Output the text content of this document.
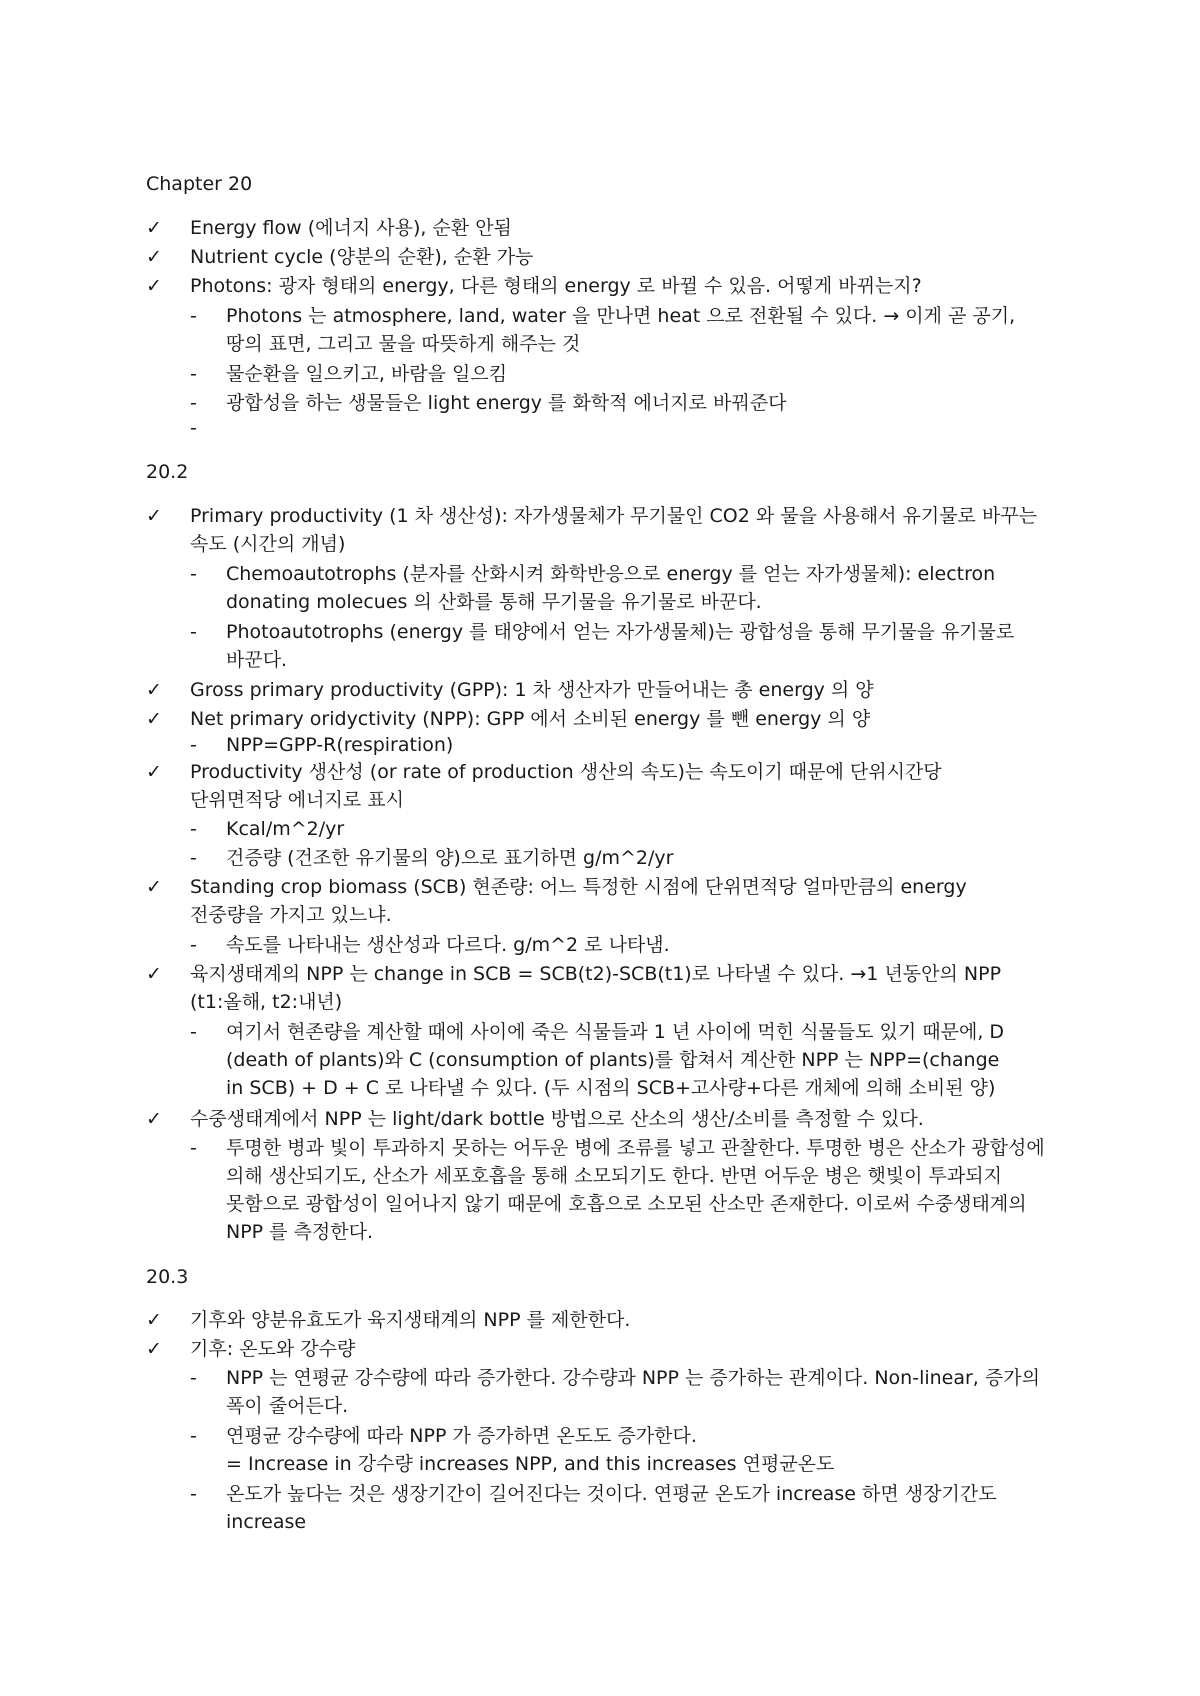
Chapter 20
✓	Energy flow (에너지 사용), 순환 안됨
✓	Nutrient cycle (양분의 순환), 순환 가능
✓	Photons: 광자 형태의 energy, 다른 형태의 energy 로 바뀔 수 있음. 어떻게 바뀌는지?
- Photons 는 atmosphere, land, water 을 만나면 heat 으로 전환될 수 있다. → 이게 곧 공기,
땅의 표면, 그리고 물을 따뜻하게 해주는 것
- 물순환을 일으키고, 바람을 일으킴
- 광합성을 하는 생물들은 light energy 를 화학적 에너지로 바꿔준다
-
20.2
✓	Primary productivity (1 차 생산성): 자가생물체가 무기물인 CO2 와 물을 사용해서 유기물로 바꾸는
속도 (시간의 개념)
- Chemoautotrophs (분자를 산화시켜 화학반응으로 energy 를 얻는 자가생물체): electron
donating molecues 의 산화를 통해 무기물을 유기물로 바꾼다.
- Photoautotrophs (energy 를 태양에서 얻는 자가생물체)는 광합성을 통해 무기물을 유기물로
바꾼다.
✓	Gross primary productivity (GPP): 1 차 생산자가 만들어내는 총 energy 의 양
✓	Net primary oridyctivity (NPP): GPP 에서 소비된 energy 를 뺀 energy 의 양
- NPP=GPP-R(respiration)
✓	Productivity 생산성 (or rate of production 생산의 속도)는 속도이기 때문에 단위시간당
단위면적당 에너지로 표시
- Kcal/m^2/yr
- 건증량 (건조한 유기물의 양)으로 표기하면 g/m^2/yr
✓	Standing crop biomass (SCB) 현존량: 어느 특정한 시점에 단위면적당 얼마만큼의 energy
전중량을 가지고 있느냐.
- 속도를 나타내는 생산성과 다르다. g/m^2 로 나타냄.
✓	육지생태계의 NPP 는 change in SCB = SCB(t2)-SCB(t1)로 나타낼 수 있다. →1 년동안의 NPP
(t1:올해, t2:내년)
- 여기서 현존량을 계산할 때에 사이에 죽은 식물들과 1 년 사이에 먹힌 식물들도 있기 때문에, D
(death of plants)와 C (consumption of plants)를 합쳐서 계산한 NPP 는 NPP=(change
in SCB) + D + C 로 나타낼 수 있다. (두 시점의 SCB+고사량+다른 개체에 의해 소비된 양)
✓	수중생태계에서 NPP 는 light/dark bottle 방법으로 산소의 생산/소비를 측정할 수 있다.
- 투명한 병과 빛이 투과하지 못하는 어두운 병에 조류를 넣고 관찰한다. 투명한 병은 산소가 광합성에
의해 생산되기도, 산소가 세포호흡을 통해 소모되기도 한다. 반면 어두운 병은 햇빛이 투과되지
못함으로 광합성이 일어나지 않기 때문에 호흡으로 소모된 산소만 존재한다. 이로써 수중생태계의
NPP 를 측정한다.
20.3
✓	기후와 양분유효도가 육지생태계의 NPP 를 제한한다.
✓	기후: 온도와 강수량
- NPP 는 연평균 강수량에 따라 증가한다. 강수량과 NPP 는 증가하는 관계이다. Non-linear, 증가의
폭이 줄어든다.
- 연평균 강수량에 따라 NPP 가 증가하면 온도도 증가한다.
= Increase in 강수량 increases NPP, and this increases 연평균온도
- 온도가 높다는 것은 생장기간이 길어진다는 것이다. 연평균 온도가 increase 하면 생장기간도
increase
